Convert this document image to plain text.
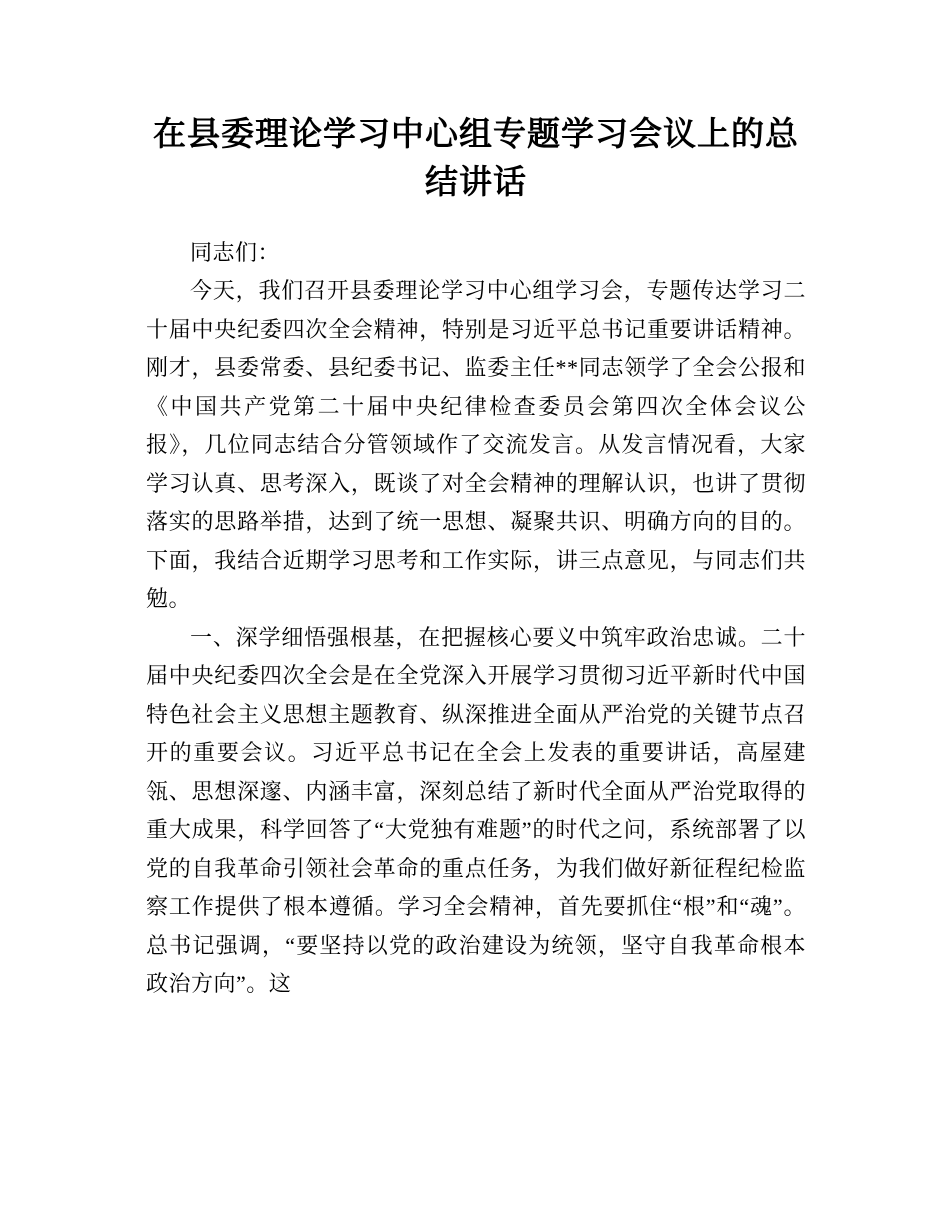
在县委理论学习中心组专题学习会议上的总结讲话

同志们：

今天，我们召开县委理论学习中心组学习会，专题传达学习二十届中央纪委四次全会精神，特别是习近平总书记重要讲话精神。刚才，县委常委、县纪委书记、监委主任**同志领学了全会公报和《中国共产党第二十届中央纪律检查委员会第四次全体会议公报》，几位同志结合分管领域作了交流发言。从发言情况看，大家学习认真、思考深入，既谈了对全会精神的理解认识，也讲了贯彻落实的思路举措，达到了统一思想、凝聚共识、明确方向的目的。下面，我结合近期学习思考和工作实际，讲三点意见，与同志们共勉。

一、深学细悟强根基，在把握核心要义中筑牢政治忠诚。二十届中央纪委四次全会是在全党深入开展学习贯彻习近平新时代中国特色社会主义思想主题教育、纵深推进全面从严治党的关键节点召开的重要会议。习近平总书记在全会上发表的重要讲话，高屋建瓴、思想深邃、内涵丰富，深刻总结了新时代全面从严治党取得的重大成果，科学回答了“大党独有难题”的时代之问，系统部署了以党的自我革命引领社会革命的重点任务，为我们做好新征程纪检监察工作提供了根本遵循。学习全会精神，首先要抓住“根”和“魂”。总书记强调，“要坚持以党的政治建设为统领，坚守自我革命根本政治方向”。这
